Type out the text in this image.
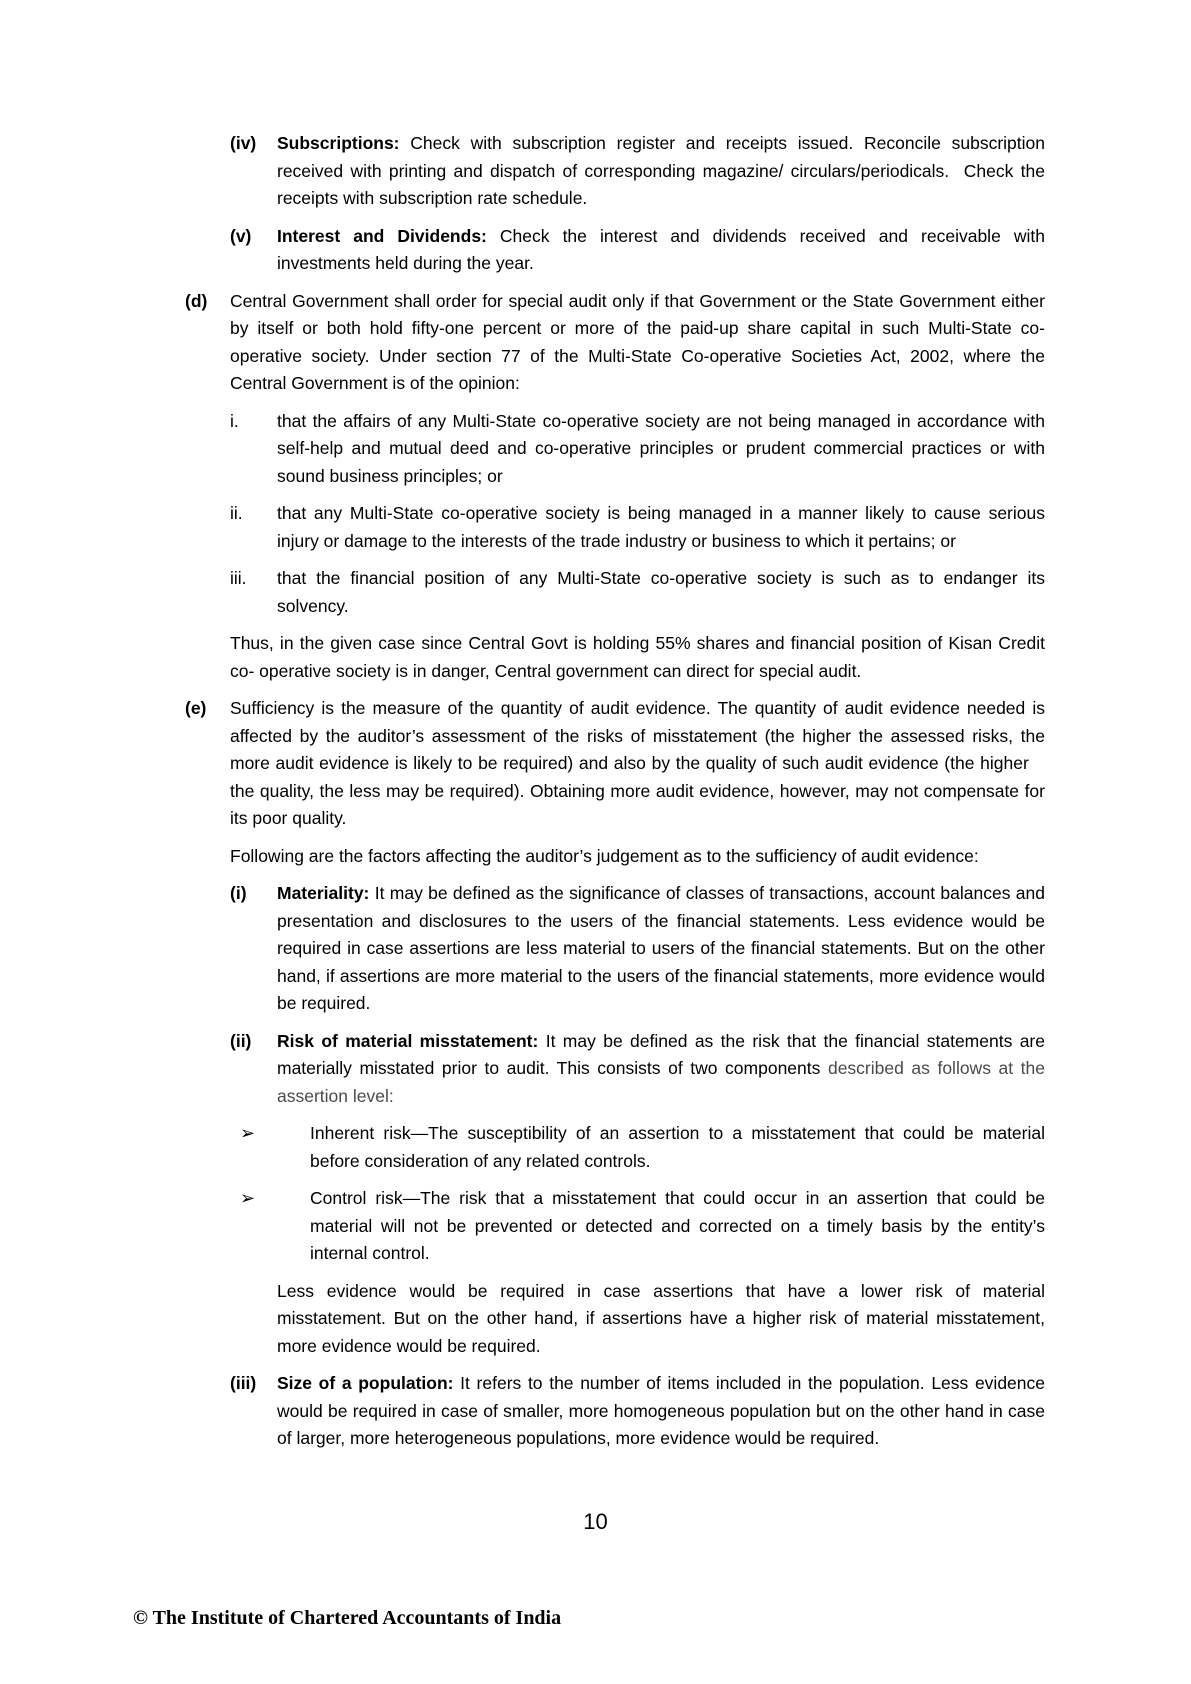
(iv)	Subscriptions: Check with subscription register and receipts issued. Reconcile subscription received with printing and dispatch of corresponding magazine/ circulars/periodicals.  Check the receipts with subscription rate schedule.
(v)	Interest and Dividends: Check the interest and dividends received and receivable with investments held during the year.
(d)	Central Government shall order for special audit only if that Government or the State Government either by itself or both hold fifty-one percent or more of the paid-up share capital in such Multi-State co-operative society. Under section 77 of the Multi-State Co-operative Societies Act, 2002, where the Central Government is of the opinion:
i.	that the affairs of any Multi-State co-operative society are not being managed in accordance with self-help and mutual deed and co-operative principles or prudent commercial practices or with sound business principles; or
ii.	that any Multi-State co-operative society is being managed in a manner likely to cause serious injury or damage to the interests of the trade industry or business to which it pertains; or
iii.	that the financial position of any Multi-State co-operative society is such as to endanger its solvency.
Thus, in the given case since Central Govt is holding 55% shares and financial position of Kisan Credit co- operative society is in danger, Central government can direct for special audit.
(e)	Sufficiency is the measure of the quantity of audit evidence. The quantity of audit evidence needed is affected by the auditor’s assessment of the risks of misstatement (the higher the assessed risks, the more audit evidence is likely to be required) and also by the quality of such audit evidence (the higher    the quality, the less may be required). Obtaining more audit evidence, however, may not compensate for its poor quality.
Following are the factors affecting the auditor’s judgement as to the sufficiency of audit evidence:
(i)	Materiality: It may be defined as the significance of classes of transactions, account balances and presentation and disclosures to the users of the financial statements. Less evidence would be required in case assertions are less material to users of the financial statements. But on the other hand, if assertions are more material to the users of the financial statements, more evidence would be required.
(ii)	Risk of material misstatement: It may be defined as the risk that the financial statements are materially misstated prior to audit. This consists of two components described as follows at the assertion level:
➢	Inherent risk—The susceptibility of an assertion to a misstatement that could be material before consideration of any related controls.
➢	Control risk—The risk that a misstatement that could occur in an assertion that could be material will not be prevented or detected and corrected on a timely basis by the entity’s internal control.
Less evidence would be required in case assertions that have a lower risk of material misstatement. But on the other hand, if assertions have a higher risk of material misstatement, more evidence would be required.
(iii)	Size of a population: It refers to the number of items included in the population. Less evidence would be required in case of smaller, more homogeneous population but on the other hand in case of larger, more heterogeneous populations, more evidence would be required.
10
© The Institute of Chartered Accountants of India
